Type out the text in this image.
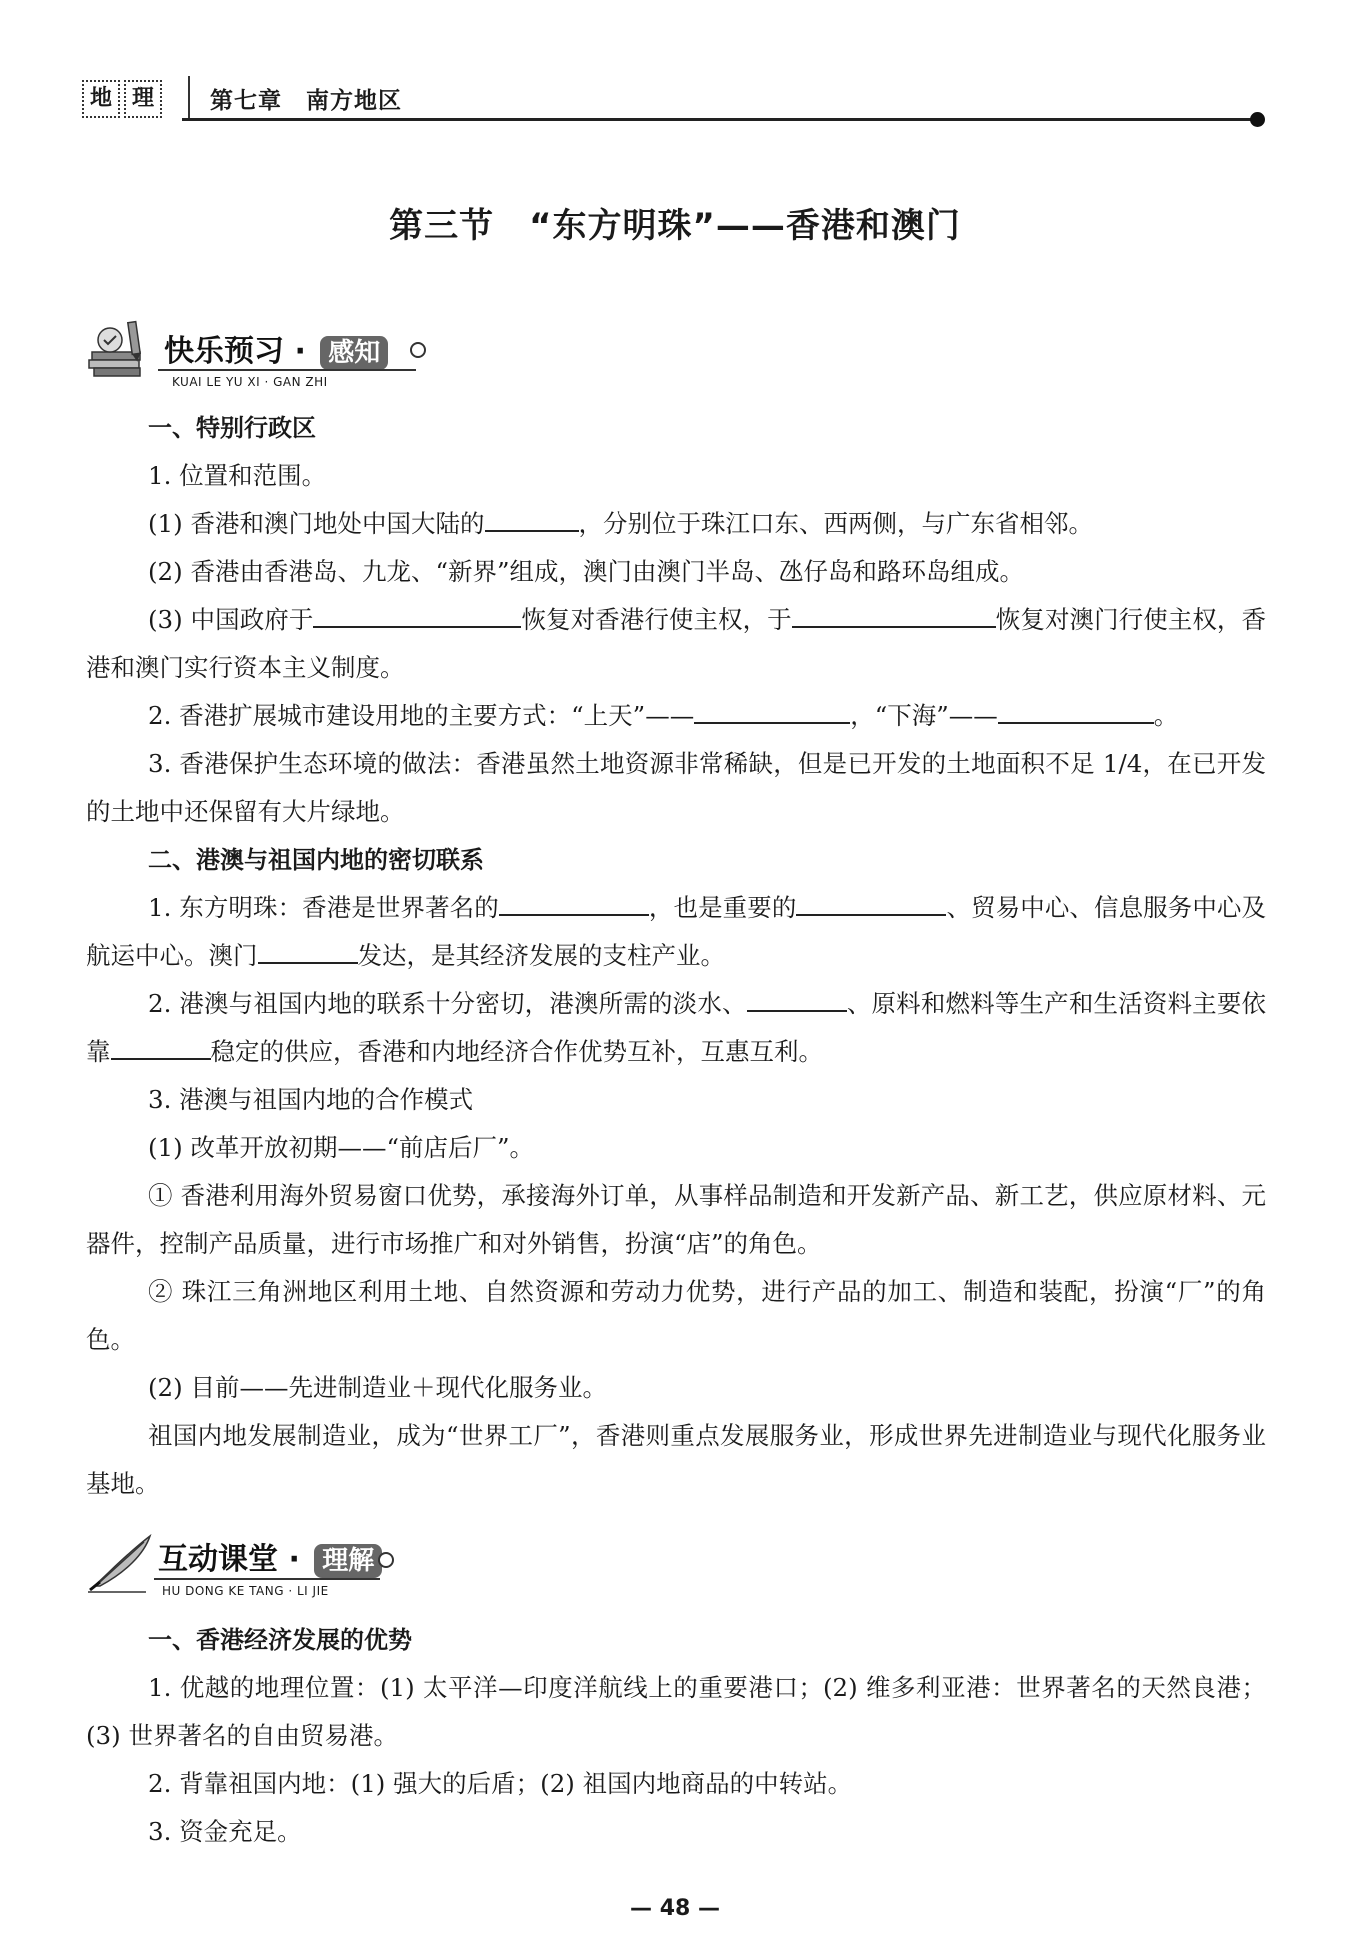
地 理	第七章　南方地区
第三节　“东方明珠”——香港和澳门
快乐预习 · 感知
KUAI LE YU XI · GAN ZHI

一、特别行政区

1. 位置和范围。

(1) 香港和澳门地处中国大陆的	，分别位于珠江口东、西两侧，与广东省相邻。

(2) 香港由香港岛、九龙、“新界”组成，澳门由澳门半岛、氹仔岛和路环岛组成。

(3) 中国政府于	恢复对香港行使主权，于	恢复对澳门行使主权，香港和澳门实行资本主义制度。

2. 香港扩展城市建设用地的主要方式：“上天”——	，“下海”——	。

3. 香港保护生态环境的做法：香港虽然土地资源非常稀缺，但是已开发的土地面积不足 1/4，在已开发的土地中还保留有大片绿地。

二、港澳与祖国内地的密切联系

1. 东方明珠：香港是世界著名的	，也是重要的	、贸易中心、信息服务中心及航运中心。澳门	发达，是其经济发展的支柱产业。

2. 港澳与祖国内地的联系十分密切，港澳所需的淡水、	、原料和燃料等生产和生活资料主要依靠	稳定的供应，香港和内地经济合作优势互补，互惠互利。

3. 港澳与祖国内地的合作模式

(1) 改革开放初期——“前店后厂”。

① 香港利用海外贸易窗口优势，承接海外订单，从事样品制造和开发新产品、新工艺，供应原材料、元器件，控制产品质量，进行市场推广和对外销售，扮演“店”的角色。

② 珠江三角洲地区利用土地、自然资源和劳动力优势，进行产品的加工、制造和装配，扮演“厂”的角色。

(2) 目前——先进制造业＋现代化服务业。

祖国内地发展制造业，成为“世界工厂”，香港则重点发展服务业，形成世界先进制造业与现代化服务业基地。

互动课堂 · 理解
HU DONG KE TANG · LI JIE

一、香港经济发展的优势

1. 优越的地理位置：(1) 太平洋—印度洋航线上的重要港口；(2) 维多利亚港：世界著名的天然良港；(3) 世界著名的自由贸易港。

2. 背靠祖国内地：(1) 强大的后盾；(2) 祖国内地商品的中转站。

3. 资金充足。

— 48 —
